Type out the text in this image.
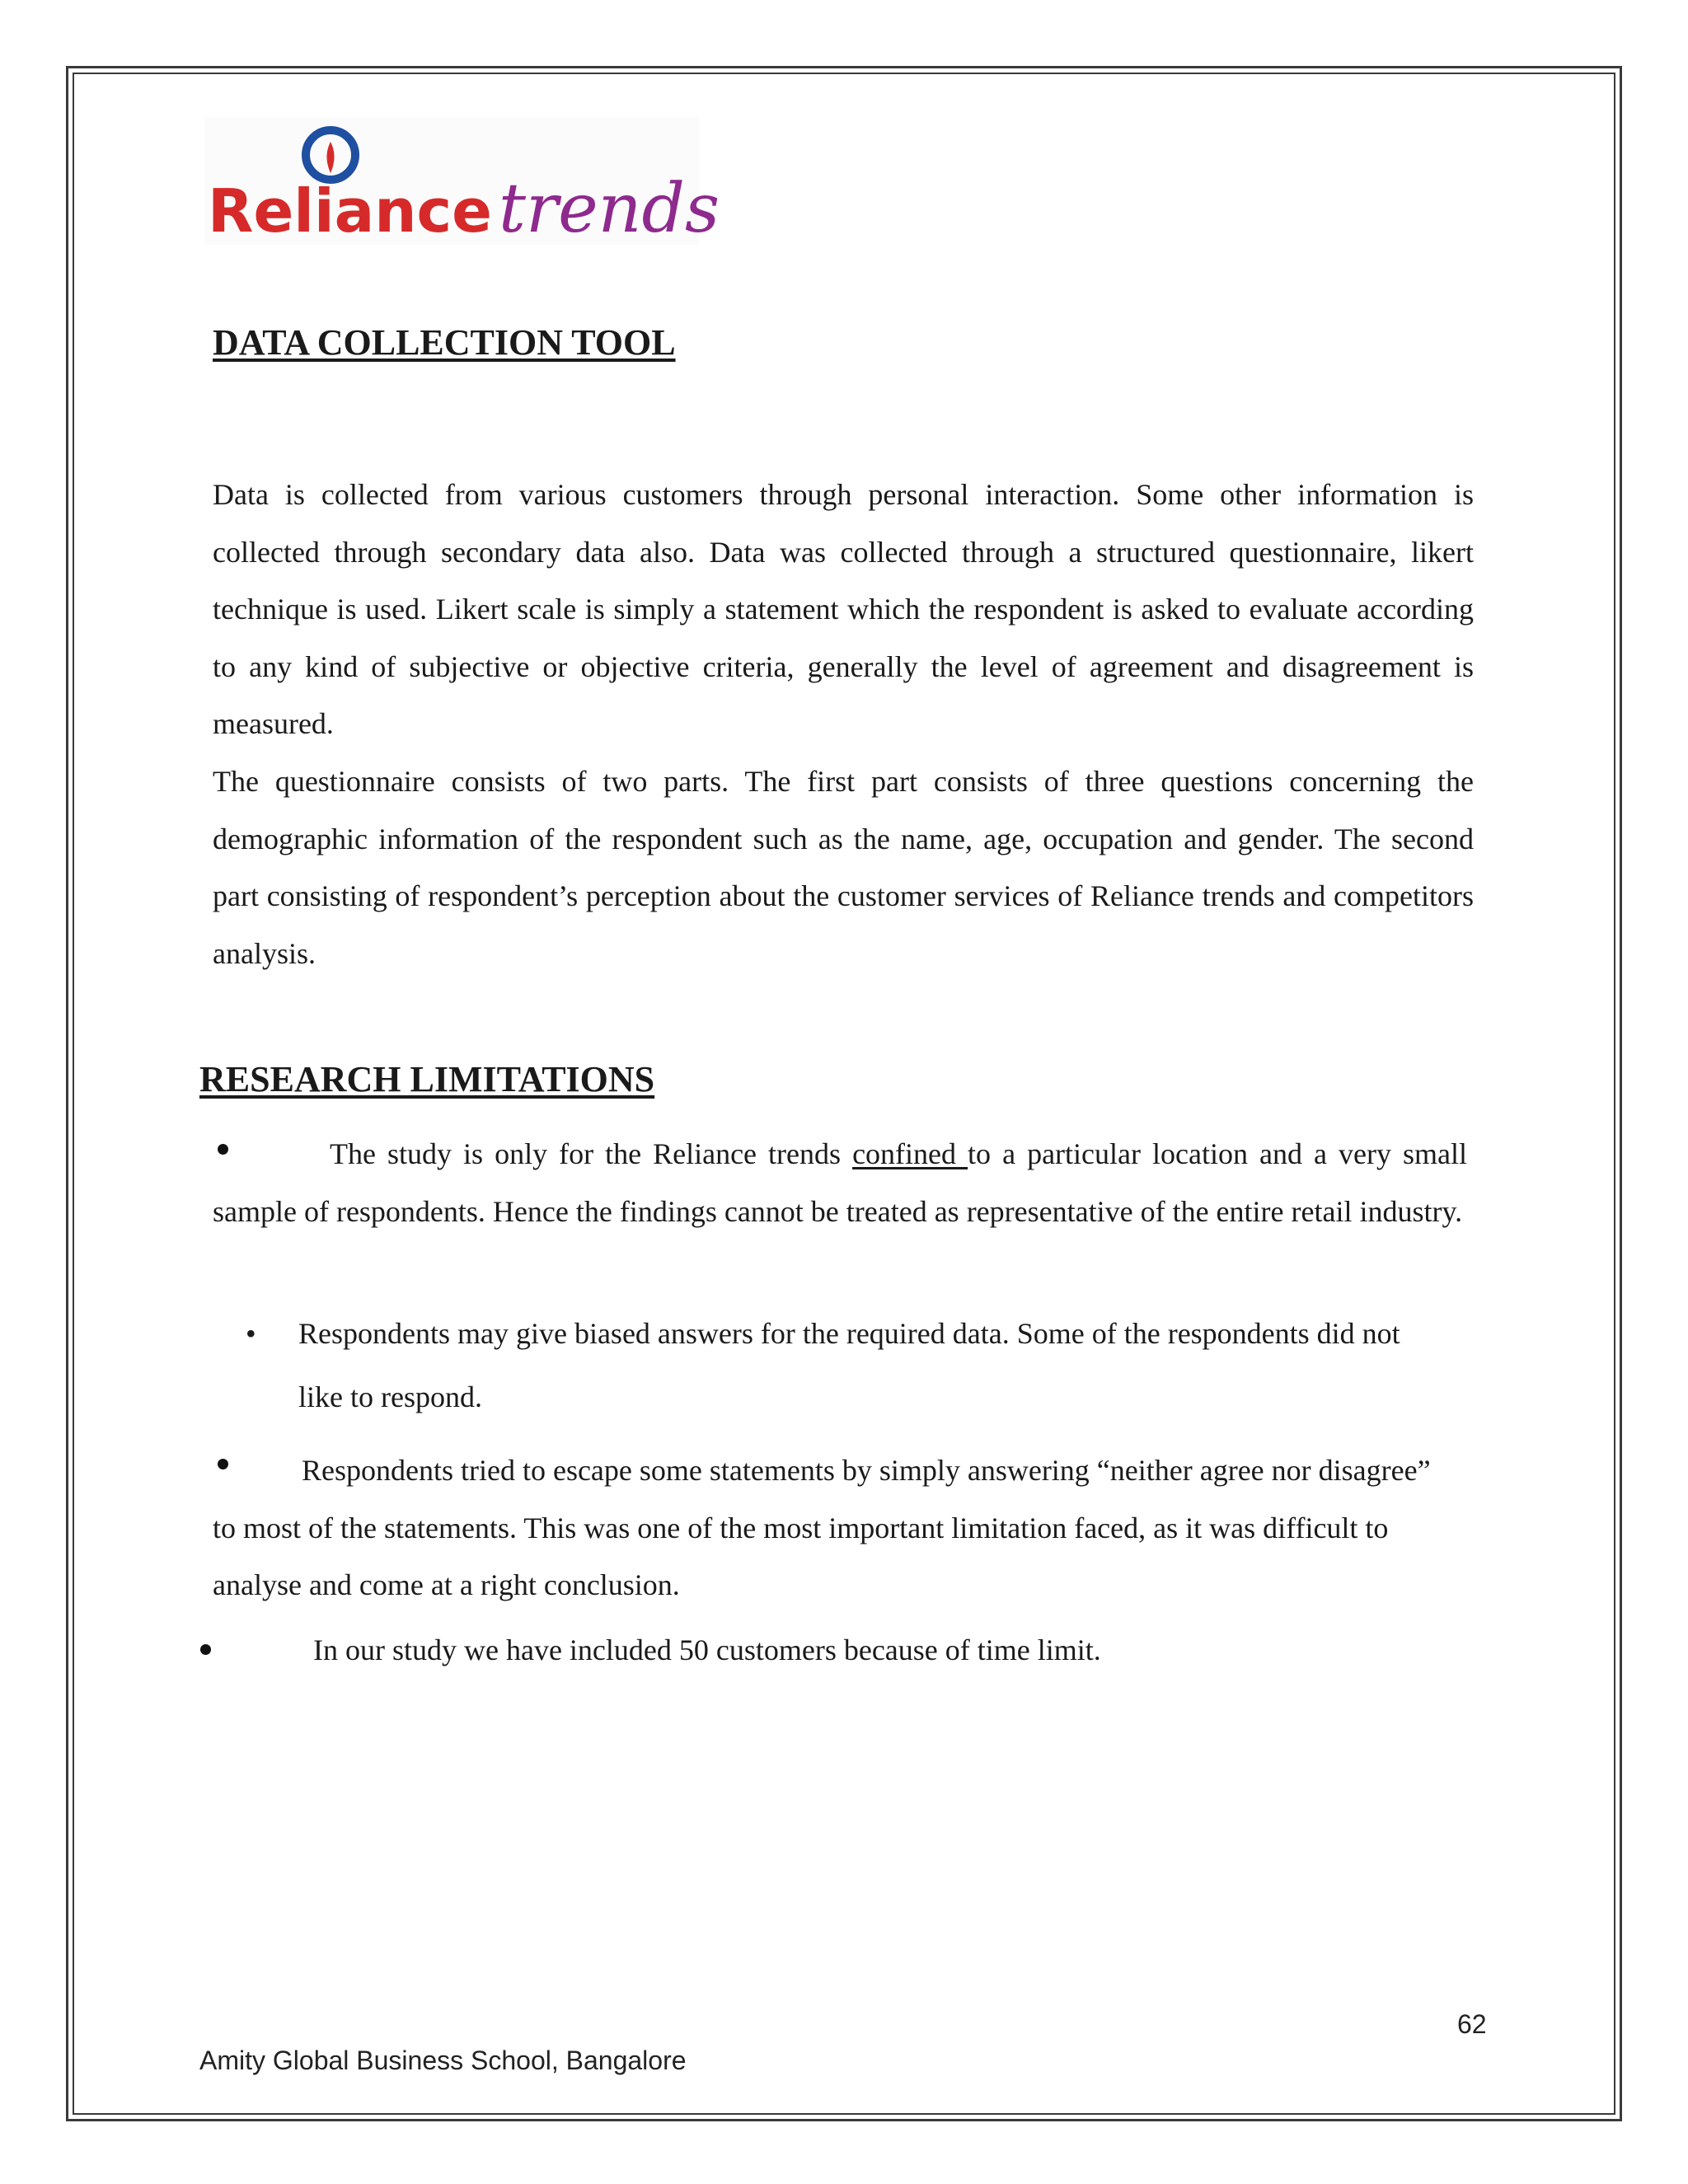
Reliancetrends
DATA COLLECTION TOOL

Data is collected from various customers through personal interaction. Some other information is collected through secondary data also. Data was collected through a structured questionnaire, likert technique is used. Likert scale is simply a statement which the respondent is asked to evaluate according to any kind of subjective or objective criteria, generally the level of agreement and disagreement is measured.

The questionnaire consists of two parts. The first part consists of three questions concerning the demographic information of the respondent such as the name, age, occupation and gender. The second part consisting of respondent’s perception about the customer services of Reliance trends and competitors analysis.

RESEARCH LIMITATIONS

The study is only for the Reliance trends confined to a particular location and a very small sample of respondents. Hence the findings cannot be treated as representative of the entire retail industry.

• Respondents may give biased answers for the required data. Some of the respondents did not like to respond.

Respondents tried to escape some statements by simply answering “neither agree nor disagree” to most of the statements. This was one of the most important limitation faced, as it was difficult to analyse and come at a right conclusion.

In our study we have included 50 customers because of time limit.

62
Amity Global Business School, Bangalore
